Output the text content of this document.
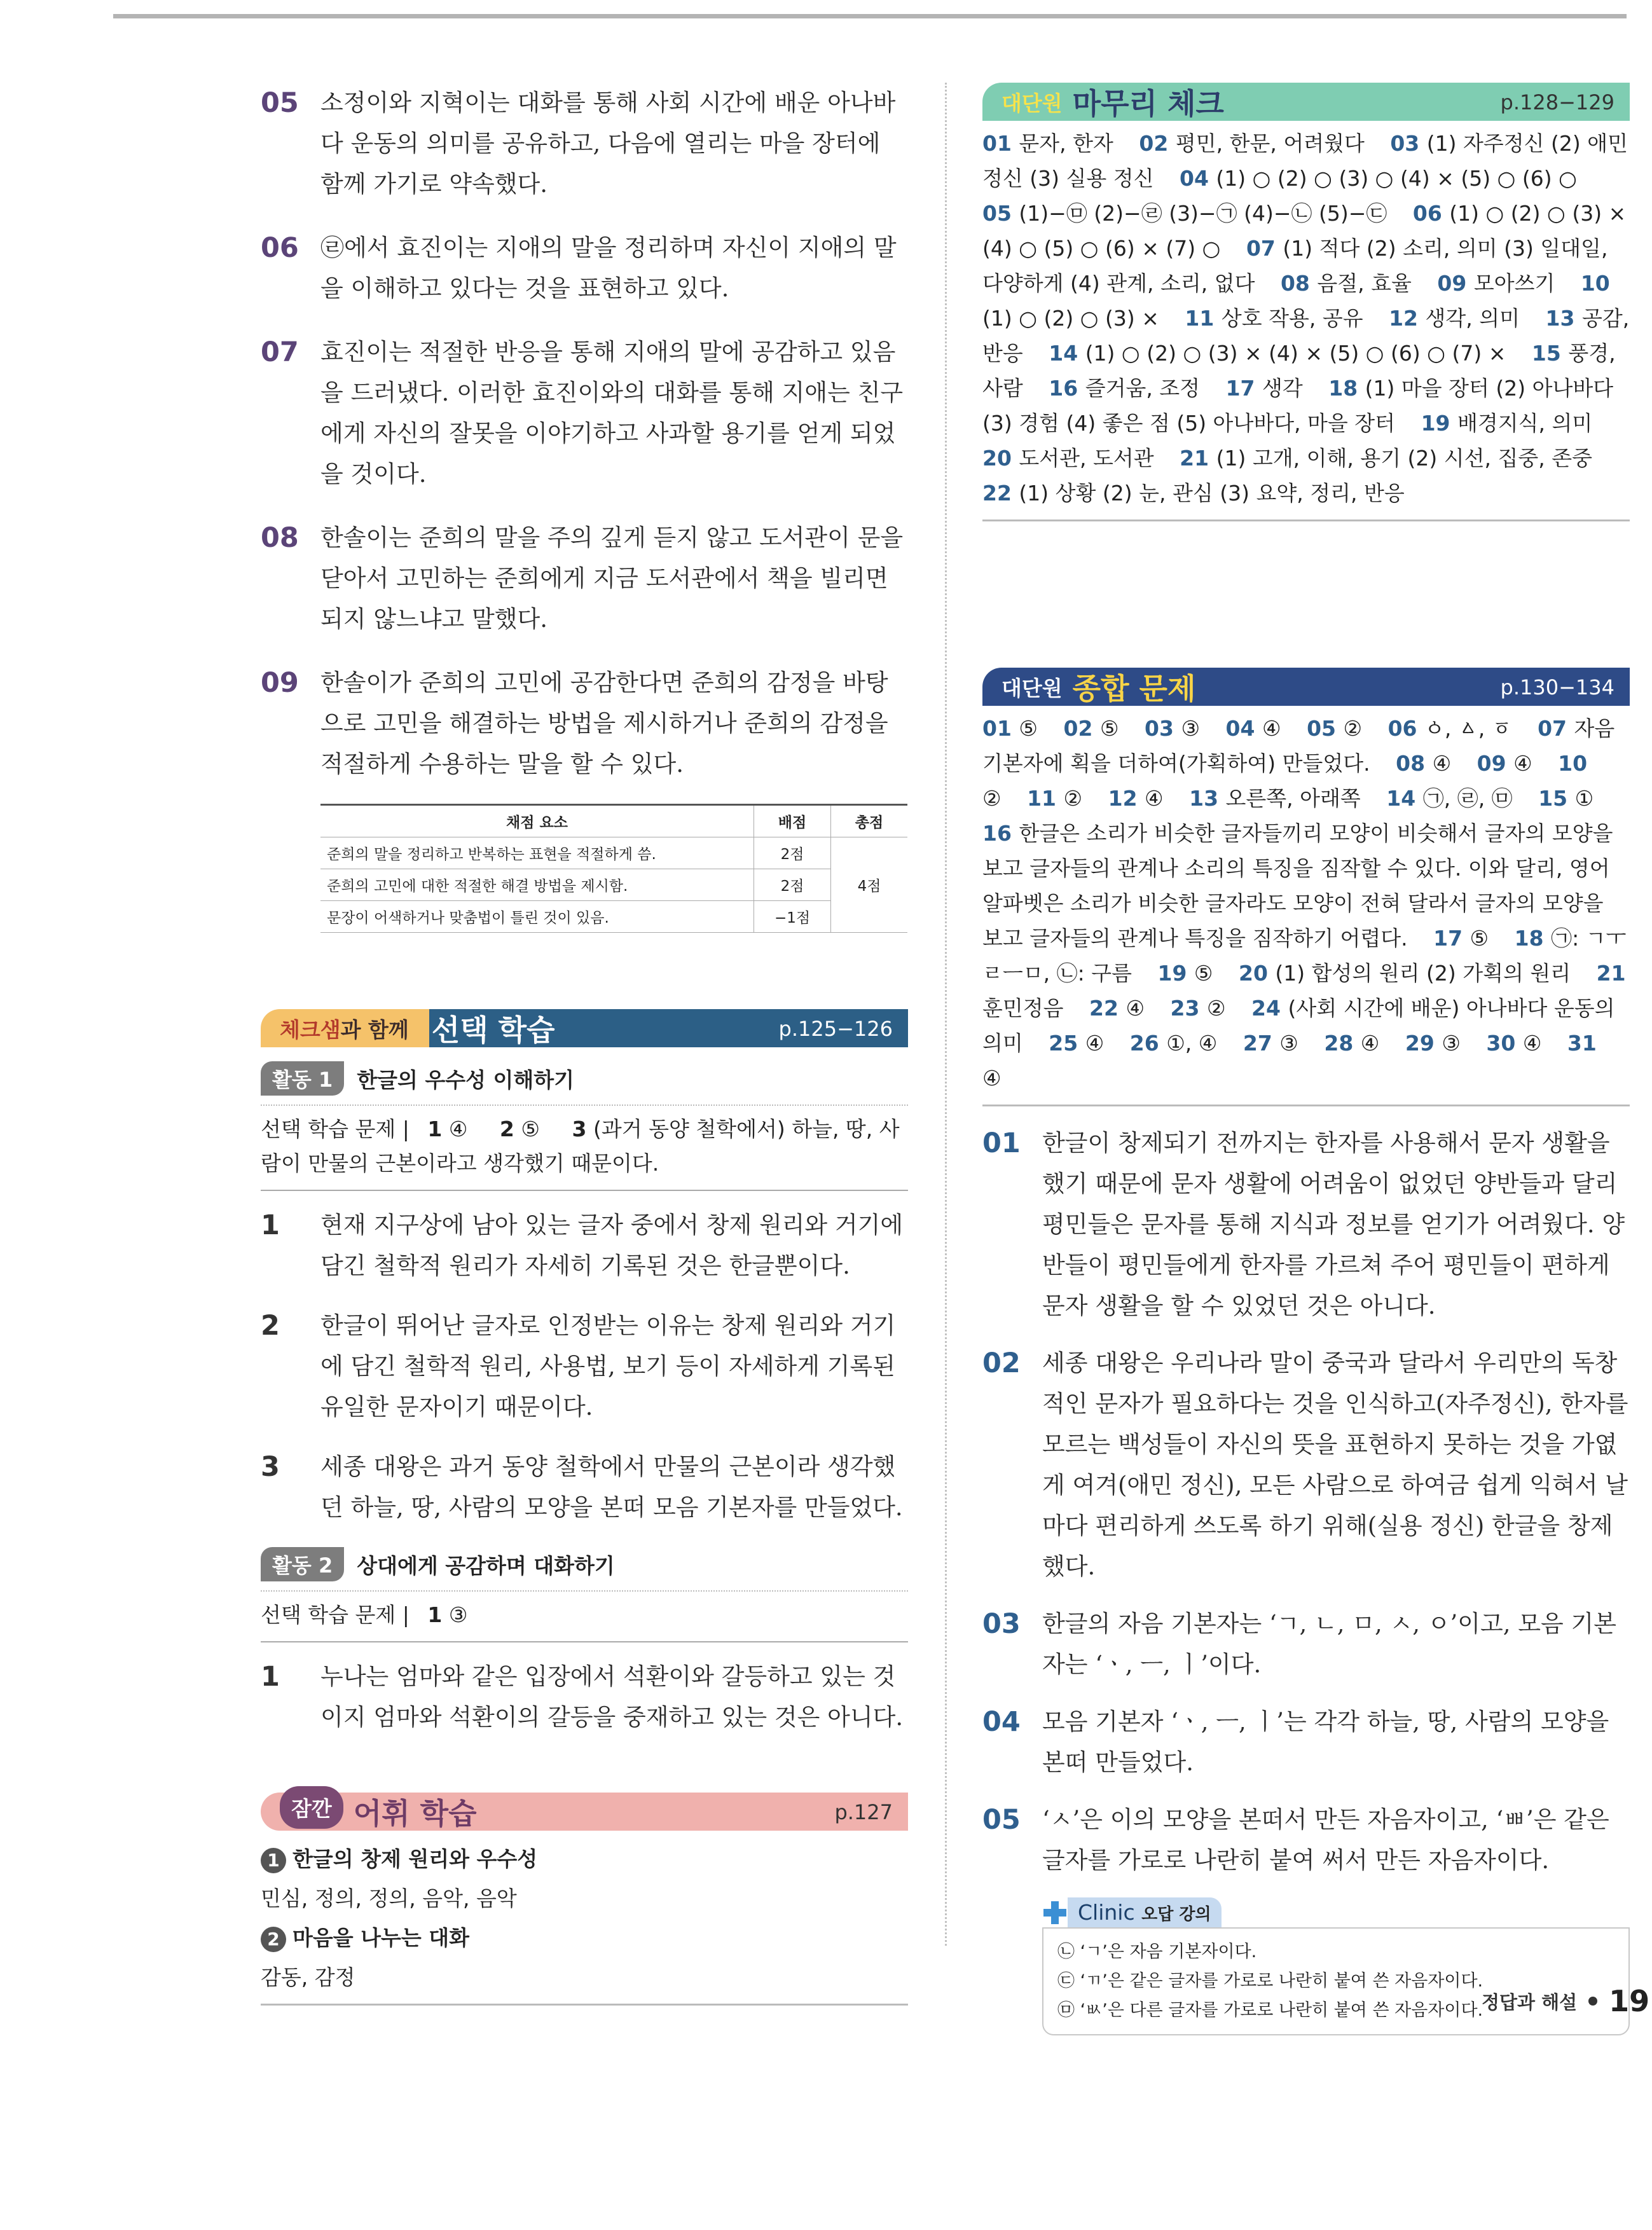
05 소정이와 지혁이는 대화를 통해 사회 시간에 배운 아나바다 운동의 의미를 공유하고, 다음에 열리는 마을 장터에 함께 가기로 약속했다.
06 ㉣에서 효진이는 지애의 말을 정리하며 자신이 지애의 말을 이해하고 있다는 것을 표현하고 있다.
07 효진이는 적절한 반응을 통해 지애의 말에 공감하고 있음을 드러냈다. 이러한 효진이와의 대화를 통해 지애는 친구에게 자신의 잘못을 이야기하고 사과할 용기를 얻게 되었을 것이다.
08 한솔이는 준희의 말을 주의 깊게 듣지 않고 도서관이 문을 닫아서 고민하는 준희에게 지금 도서관에서 책을 빌리면 되지 않느냐고 말했다.
09 한솔이가 준희의 고민에 공감한다면 준희의 감정을 바탕으로 고민을 해결하는 방법을 제시하거나 준희의 감정을 적절하게 수용하는 말을 할 수 있다.
채점 요소	배점	총점
준희의 말을 정리하고 반복하는 표현을 적절하게 씀.	2점	4점
준희의 고민에 대한 적절한 해결 방법을 제시함.	2점	
문장이 어색하거나 맞춤법이 틀린 것이 있음.	−1점	
체크샘 과 함께 선택 학습	p.125−126
활동 1	한글의 우수성 이해하기
선택 학습 문제 | 1 ④ 2 ⑤ 3 (과거 동양 철학에서) 하늘, 땅, 사람이 만물의 근본이라고 생각했기 때문이다.
1 현재 지구상에 남아 있는 글자 중에서 창제 원리와 거기에 담긴 철학적 원리가 자세히 기록된 것은 한글뿐이다.
2 한글이 뛰어난 글자로 인정받는 이유는 창제 원리와 거기에 담긴 철학적 원리, 사용법, 보기 등이 자세하게 기록된 유일한 문자이기 때문이다.
3 세종 대왕은 과거 동양 철학에서 만물의 근본이라 생각했던 하늘, 땅, 사람의 모양을 본떠 모음 기본자를 만들었다.
활동 2	상대에게 공감하며 대화하기
선택 학습 문제 | 1 ③
1 누나는 엄마와 같은 입장에서 석환이와 갈등하고 있는 것이지 엄마와 석환이의 갈등을 중재하고 있는 것은 아니다.
잠깐 어휘 학습	p.127
1 한글의 창제 원리와 우수성
민심, 정의, 정의, 음악, 음악
2 마음을 나누는 대화
감동, 감정
대단원 마무리 체크	p.128−129
01 문자, 한자 02 평민, 한문, 어려웠다 03 (1) 자주정신 (2) 애민 정신 (3) 실용 정신 04 (1) ○ (2) ○ (3) ○ (4) × (5) ○ (6) ○ 05 (1)−㉤ (2)−㉣ (3)−㉠ (4)−㉡ (5)−㉢ 06 (1) ○ (2) ○ (3) × (4) ○ (5) ○ (6) × (7) ○ 07 (1) 적다 (2) 소리, 의미 (3) 일대일, 다양하게 (4) 관계, 소리, 없다 08 음절, 효율 09 모아쓰기 10 (1) ○ (2) ○ (3) × 11 상호 작용, 공유 12 생각, 의미 13 공감, 반응 14 (1) ○ (2) ○ (3) × (4) × (5) ○ (6) ○ (7) × 15 풍경, 사람 16 즐거움, 조정 17 생각 18 (1) 마을 장터 (2) 아나바다 (3) 경험 (4) 좋은 점 (5) 아나바다, 마을 장터 19 배경지식, 의미 20 도서관, 도서관 21 (1) 고개, 이해, 용기 (2) 시선, 집중, 존중 22 (1) 상황 (2) 눈, 관심 (3) 요약, 정리, 반응
대단원 종합 문제	p.130−134
01 ⑤ 02 ⑤ 03 ③ 04 ④ 05 ② 06 ㆁ, ㅿ, ㆆ 07 자음 기본자에 획을 더하여(가획하여) 만들었다. 08 ④ 09 ④ 10 ② 11 ② 12 ④ 13 오른쪽, 아래쪽 14 ㉠, ㉣, ㉤ 15 ① 16 한글은 소리가 비슷한 글자들끼리 모양이 비슷해서 글자의 모양을 보고 글자들의 관계나 소리의 특징을 짐작할 수 있다. 이와 달리, 영어 알파벳은 소리가 비슷한 글자라도 모양이 전혀 달라서 글자의 모양을 보고 글자들의 관계나 특징을 짐작하기 어렵다. 17 ⑤ 18 ㉠: ㄱㅜㄹㅡㅁ, ㉡: 구름 19 ⑤ 20 (1) 합성의 원리 (2) 가획의 원리 21 훈민정음 22 ④ 23 ② 24 (사회 시간에 배운) 아나바다 운동의 의미 25 ④ 26 ①, ④ 27 ③ 28 ④ 29 ③ 30 ④ 31 ④
01 한글이 창제되기 전까지는 한자를 사용해서 문자 생활을 했기 때문에 문자 생활에 어려움이 없었던 양반들과 달리 평민들은 문자를 통해 지식과 정보를 얻기가 어려웠다. 양반들이 평민들에게 한자를 가르쳐 주어 평민들이 편하게 문자 생활을 할 수 있었던 것은 아니다.
02 세종 대왕은 우리나라 말이 중국과 달라서 우리만의 독창적인 문자가 필요하다는 것을 인식하고(자주정신), 한자를 모르는 백성들이 자신의 뜻을 표현하지 못하는 것을 가엾게 여겨(애민 정신), 모든 사람으로 하여금 쉽게 익혀서 날마다 편리하게 쓰도록 하기 위해(실용 정신) 한글을 창제했다.
03 한글의 자음 기본자는 ‘ㄱ, ㄴ, ㅁ, ㅅ, ㅇ’이고, 모음 기본자는 ‘ㆍ, ㅡ, ㅣ’이다.
04 모음 기본자 ‘ㆍ, ㅡ, ㅣ’는 각각 하늘, 땅, 사람의 모양을 본떠 만들었다.
05 ‘ㅅ’은 이의 모양을 본떠서 만든 자음자이고, ‘ㅃ’은 같은 글자를 가로로 나란히 붙여 써서 만든 자음자이다.
Clinic 오답 강의
㉡ ‘ㄱ’은 자음 기본자이다.
㉢ ‘ㄲ’은 같은 글자를 가로로 나란히 붙여 쓴 자음자이다.
㉤ ‘ㅄ’은 다른 글자를 가로로 나란히 붙여 쓴 자음자이다.
정답과 해설 19
